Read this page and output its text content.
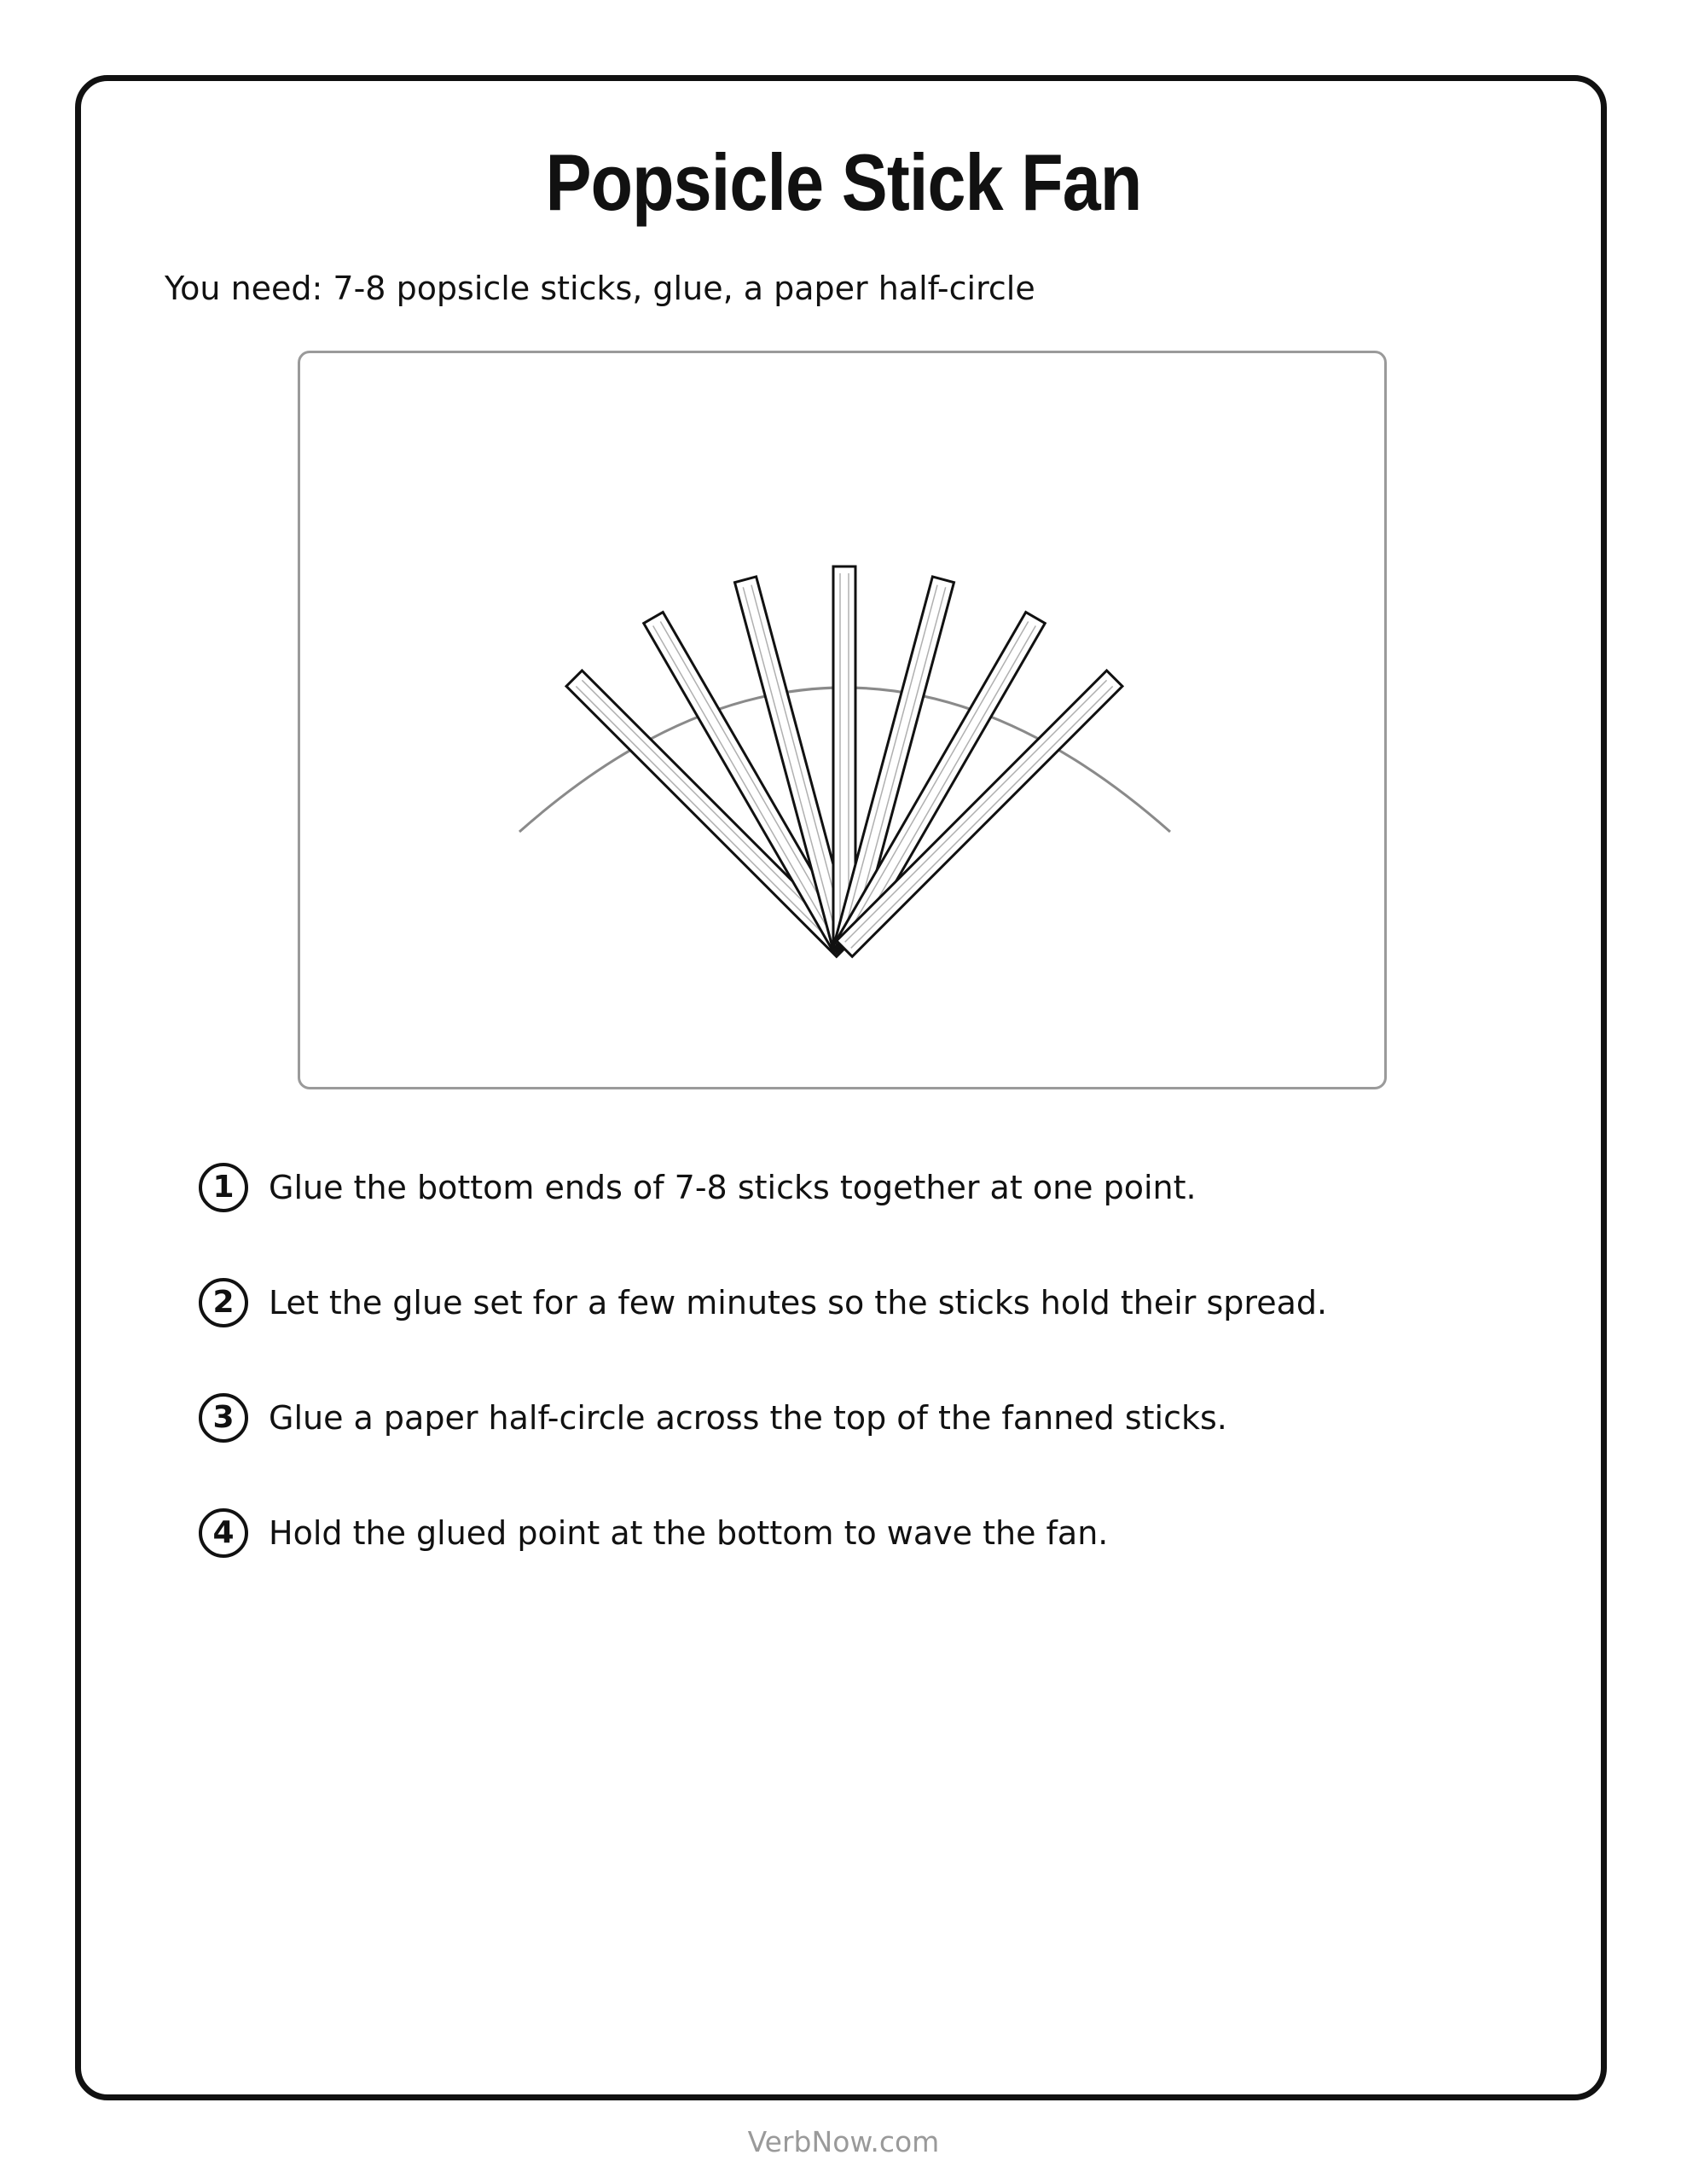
Popsicle Stick Fan
You need: 7-8 popsicle sticks, glue, a paper half-circle
1	Glue the bottom ends of 7-8 sticks together at one point.
2	Let the glue set for a few minutes so the sticks hold their spread.
3	Glue a paper half-circle across the top of the fanned sticks.
4	Hold the glued point at the bottom to wave the fan.
VerbNow.com
